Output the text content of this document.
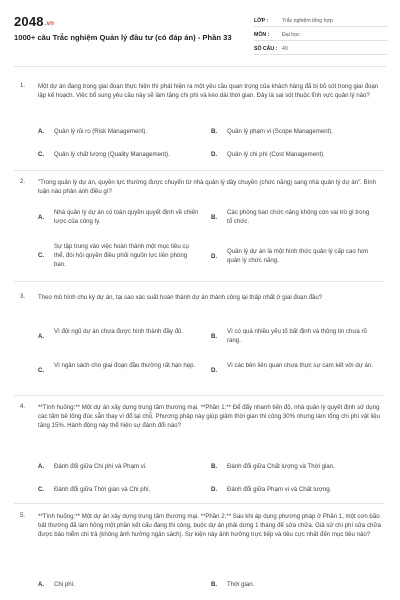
2048.vn
1000+ câu Trắc nghiệm Quản lý đầu tư (có đáp án) - Phần 33
LỚP :	Trắc nghiệm tổng hợp
MÔN :	Đại học
SỐ CÂU : 40
1. Một dự án đang trong giai đoạn thực hiện thì phát hiện ra một yêu cầu quan trọng của khách hàng đã bị bỏ sót trong giai đoạn lập kế hoạch. Việc bổ sung yêu cầu này sẽ làm tăng chi phí và kéo dài thời gian. Đây là sai sót thuộc lĩnh vực quản lý nào?
A. Quản lý rủi ro (Risk Management).	B. Quản lý phạm vi (Scope Management).
C. Quản lý chất lượng (Quality Management).	D. Quản lý chi phí (Cost Management).
2. "Trong quản lý dự án, quyền lực thường được chuyển từ nhà quản lý dây chuyền (chức năng) sang nhà quản lý dự án". Bình luận nào phản ánh điều gì?
A.
Nhà quản lý dự án có toàn quyền quyết định về chiến lược của công ty.
B.
Các phòng ban chức năng không còn vai trò gì trong tổ chức.
C.
Sự tập trung vào việc hoàn thành một mục tiêu cụ thể, đòi hỏi quyền điều phối nguồn lực liên phòng ban.
D.
Quản lý dự án là một hình thức quản lý cấp cao hơn quản lý chức năng.
3. Theo mô hình chu kỳ dự án, tại sao xác suất hoàn thành dự án thành công lại thấp nhất ở giai đoạn đầu?
A.
Vì đội ngũ dự án chưa được hình thành đầy đủ.
B.
Vì có quá nhiều yếu tố bất định và thông tin chưa rõ ràng.
C.
Vì ngân sách cho giai đoạn đầu thường rất hạn hẹp.
D.
Vì các bên liên quan chưa thực sự cam kết với dự án.
4. **Tình huống:** Một dự án xây dựng trung tâm thương mại. **Phần 1:** Để đẩy nhanh tiến độ, nhà quản lý quyết định sử dụng các tấm bê tông đúc sẵn thay vì đổ tại chỗ. Phương pháp này giúp giảm thời gian thi công 30% nhưng làm tổng chi phí vật liệu tăng 15%. Hành động này thể hiện sự đánh đổi nào?
A. Đánh đổi giữa Chi phí và Phạm vi.	B. Đánh đổi giữa Chất lượng và Thời gian.
C. Đánh đổi giữa Thời gian và Chi phí.	D. Đánh đổi giữa Phạm vi và Chất lượng.
5. **Tình huống:** Một dự án xây dựng trung tâm thương mại. **Phần 2:** Sau khi áp dụng phương pháp ở Phần 1, một cơn bão bất thường đã làm hỏng một phần kết cấu đang thi công, buộc dự án phải dừng 1 tháng để sửa chữa. Giả sử chi phí sửa chữa được bảo hiểm chi trả (không ảnh hưởng ngân sách). Sự kiện này ảnh hưởng trực tiếp và tiêu cực nhất đến mục tiêu nào?
A. Chi phí.	B. Thời gian.
